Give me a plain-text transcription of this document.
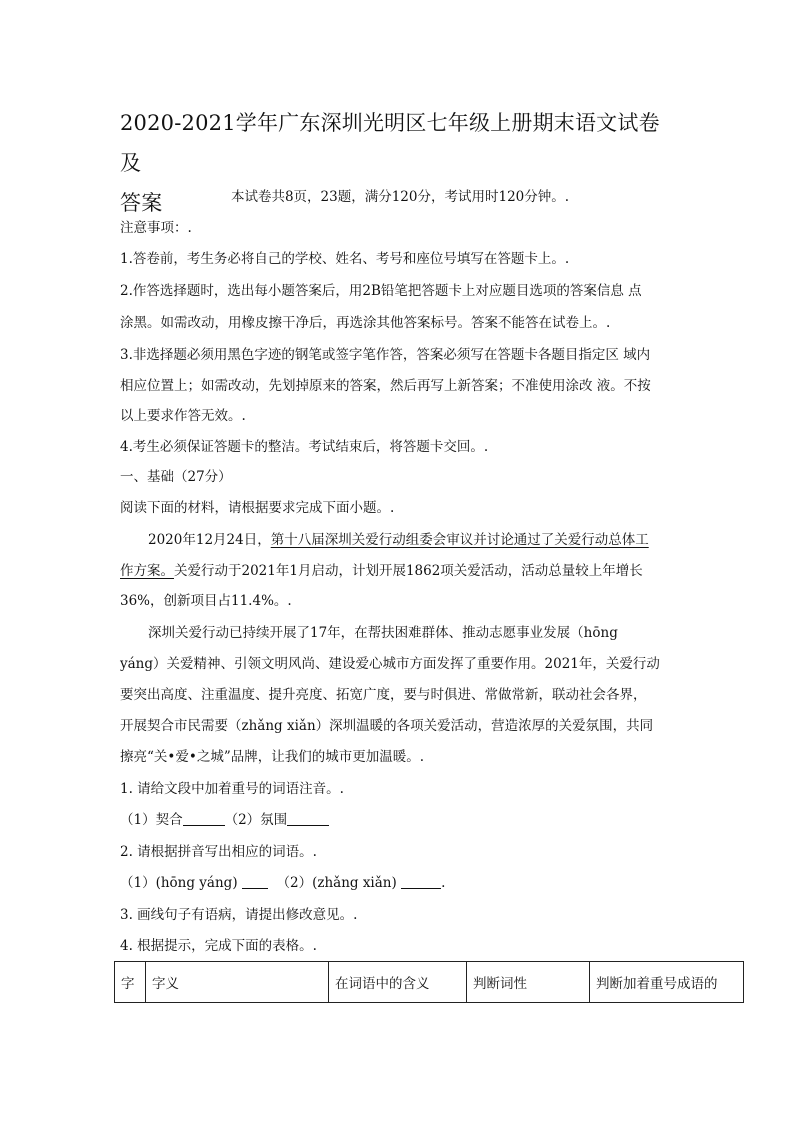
2020-2021学年广东深圳光明区七年级上册期末语文试卷及
答案	本试卷共8页，23题，满分120分，考试用时120分钟。.
注意事项：.
1.答卷前，考生务必将自己的学校、姓名、考号和座位号填写在答题卡上。.
2.作答选择题时，选出每小题答案后，用2B铅笔把答题卡上对应题目选项的答案信息 点
涂黑。如需改动，用橡皮擦干净后，再选涂其他答案标号。答案不能答在试卷上。.
3.非选择题必须用黑色字迹的钢笔或签字笔作答，答案必须写在答题卡各题目指定区 域内
相应位置上；如需改动，先划掉原来的答案，然后再写上新答案；不准使用涂改 液。不按
以上要求作答无效。.
4.考生必须保证答题卡的整洁。考试结束后，将答题卡交回。.
一、基础（27分）
阅读下面的材料，请根据要求完成下面小题。.
2020年12月24日，第十八届深圳关爱行动组委会审议并讨论通过了关爱行动总体工
作方案。关爱行动于2021年1月启动，计划开展1862项关爱活动，活动总量较上年增长
36%，创新项目占11.4%。.
深圳关爱行动已持续开展了17年，在帮扶困难群体、推动志愿事业发展（hōng
yáng）关爱精神、引领文明风尚、建设爱心城市方面发挥了重要作用。2021年，关爱行动
要突出高度、注重温度、提升亮度、拓宽广度，要与时俱进、常做常新，联动社会各界，
开展契合市民需要（zhǎng xiǎn）深圳温暖的各项关爱活动，营造浓厚的关爱氛围，共同
擦亮“关•爱•之城”品牌，让我们的城市更加温暖。.
1. 请给文段中加着重号的词语注音。.
（1）契合	（2）氛围
2. 请根据拼音写出相应的词语。.
（1）(hōng yáng)	（2）(zhǎng xiǎn)	.
3. 画线句子有语病，请提出修改意见。.
4. 根据提示，完成下面的表格。.
字	字义	在词语中的含义	判断词性	判断加着重号成语的
